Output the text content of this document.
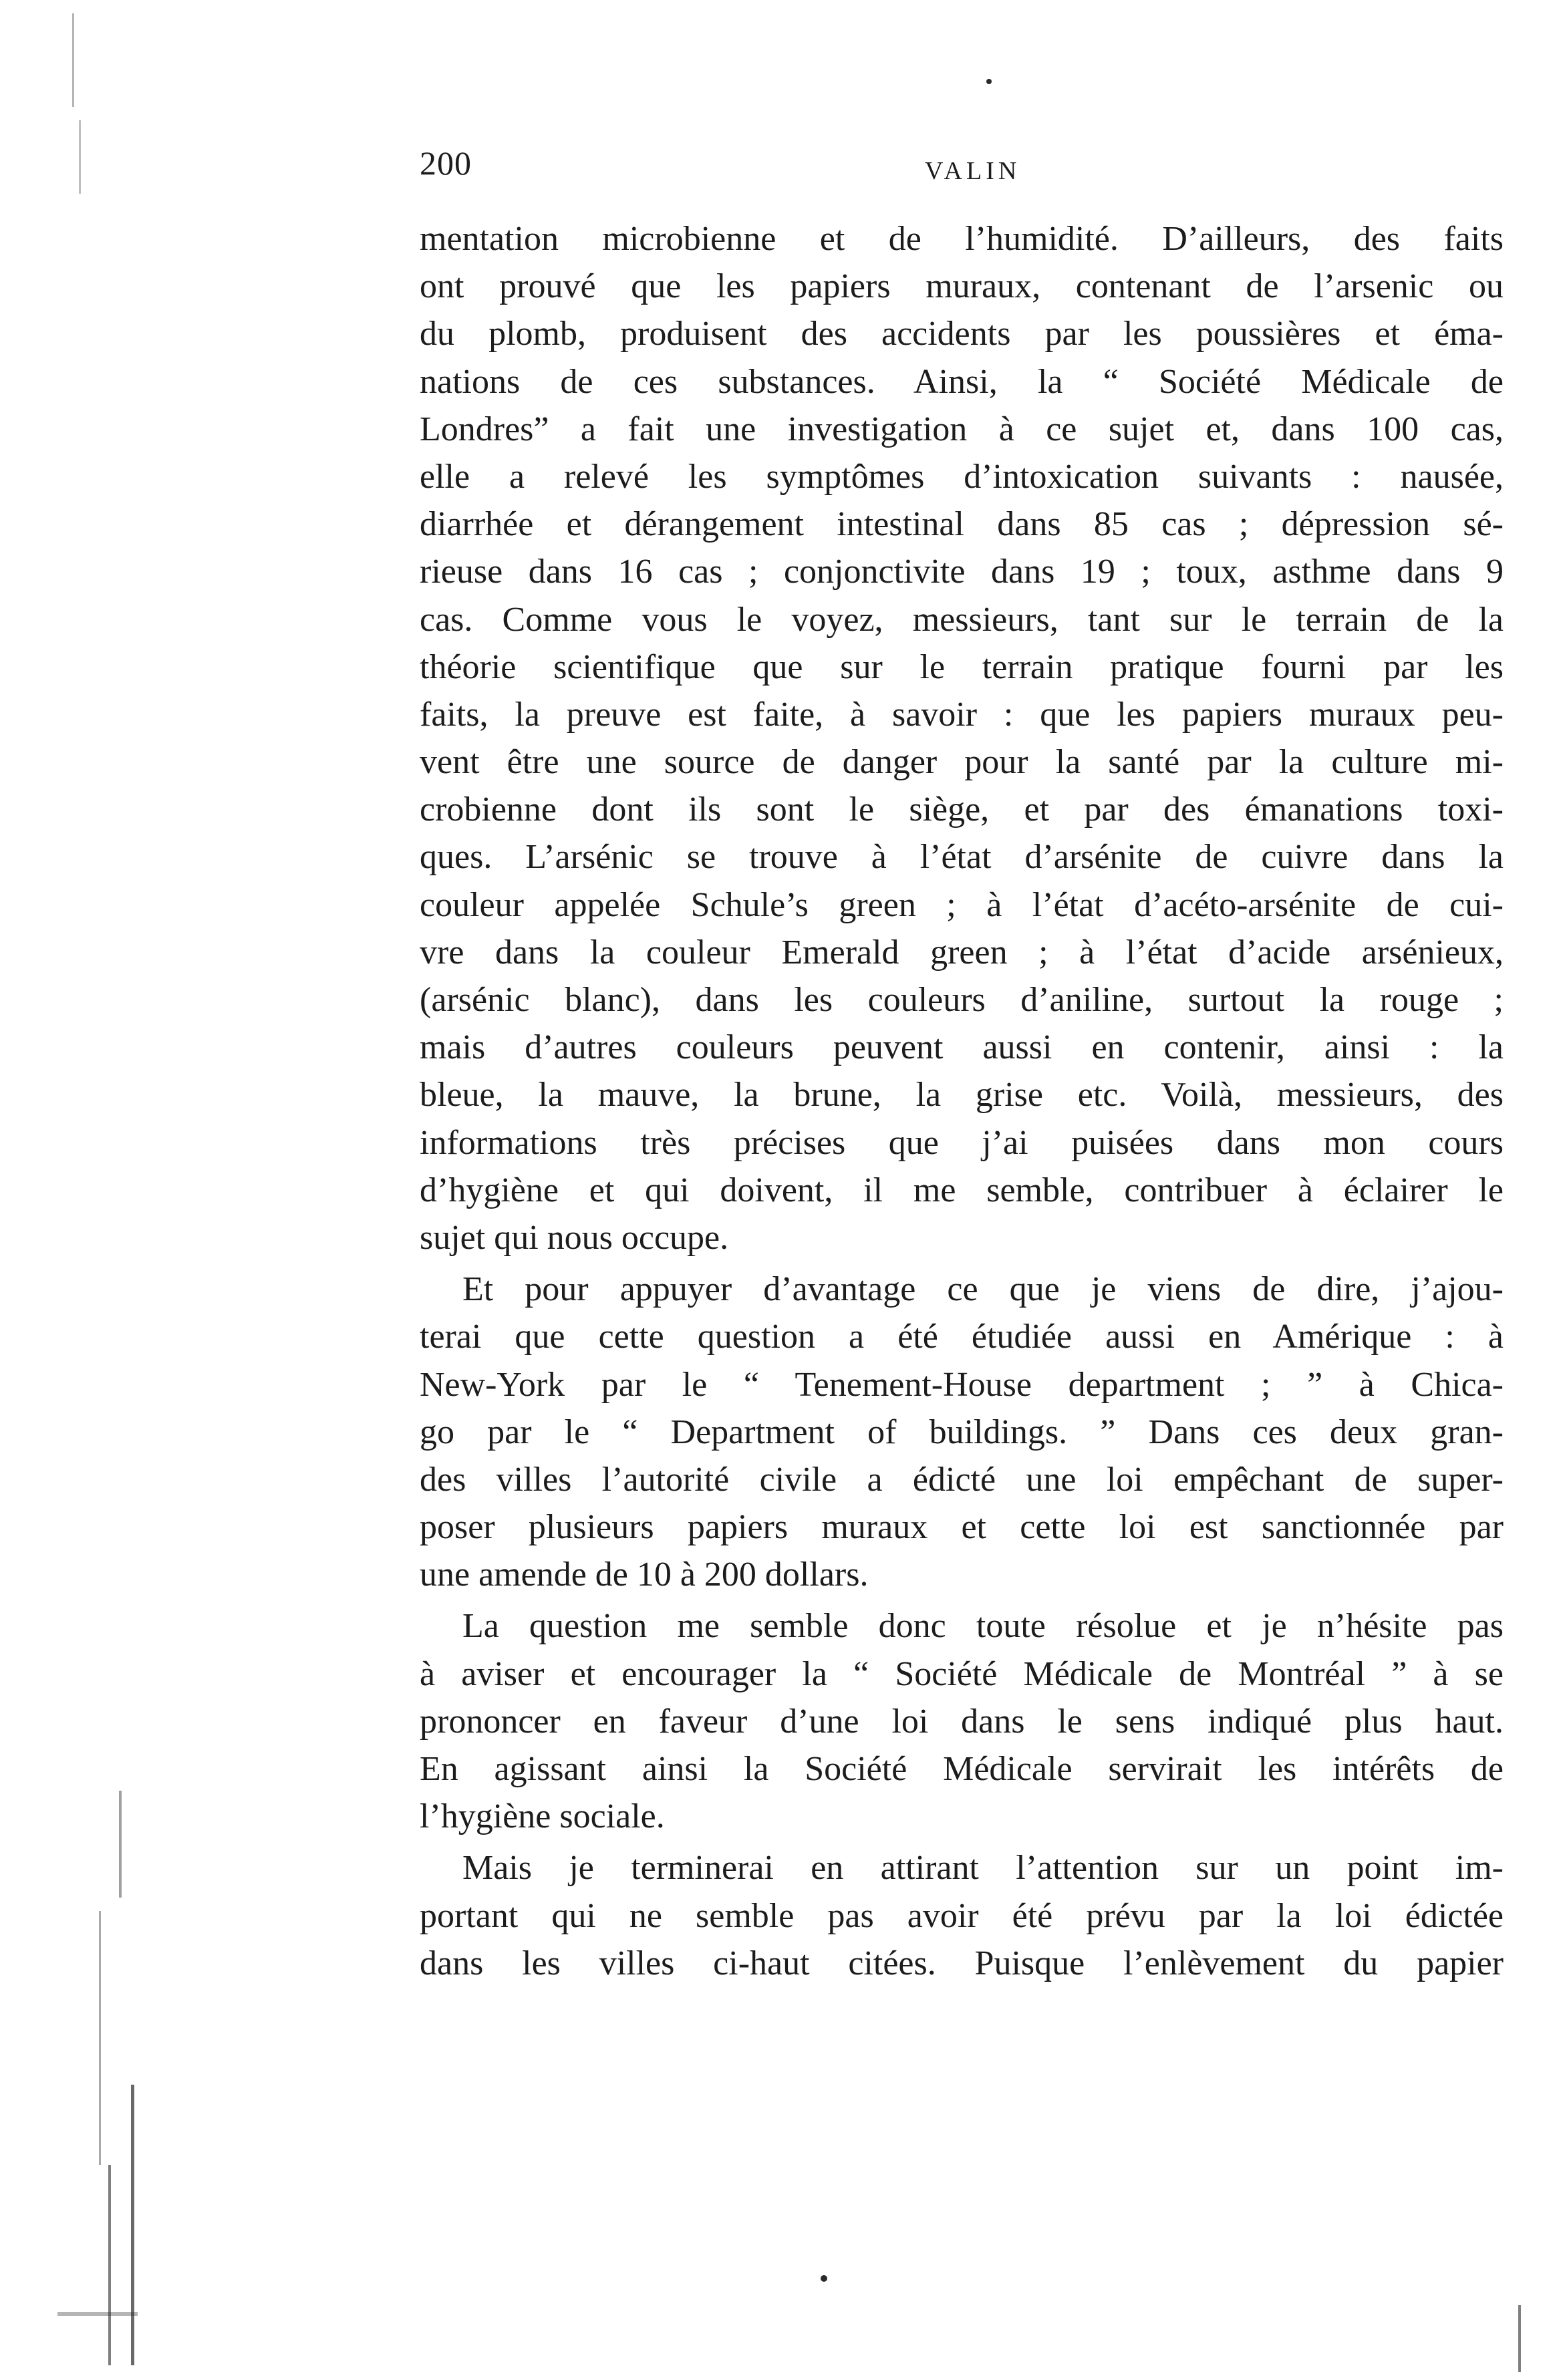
200	VALIN
mentation microbienne et de l’humidité. D’ailleurs, des faits
ont prouvé que les papiers muraux, contenant de l’arsenic ou
du plomb, produisent des accidents par les poussières et éma-
nations de ces substances. Ainsi, la “ Société Médicale de
Londres” a fait une investigation à ce sujet et, dans 100 cas,
elle a relevé les symptômes d’intoxication suivants : nausée,
diarrhée et dérangement intestinal dans 85 cas ; dépression sé-
rieuse dans 16 cas ; conjonctivite dans 19 ; toux, asthme dans 9
cas. Comme vous le voyez, messieurs, tant sur le terrain de la
théorie scientifique que sur le terrain pratique fourni par les
faits, la preuve est faite, à savoir : que les papiers muraux peu-
vent être une source de danger pour la santé par la culture mi-
crobienne dont ils sont le siège, et par des émanations toxi-
ques. L’arsénic se trouve à l’état d’arsénite de cuivre dans la
couleur appelée Schule’s green ; à l’état d’acéto-arsénite de cui-
vre dans la couleur Emerald green ; à l’état d’acide arsénieux,
(arsénic blanc), dans les couleurs d’aniline, surtout la rouge ;
mais d’autres couleurs peuvent aussi en contenir, ainsi : la
bleue, la mauve, la brune, la grise etc. Voilà, messieurs, des
informations très précises que j’ai puisées dans mon cours
d’hygiène et qui doivent, il me semble, contribuer à éclairer le
sujet qui nous occupe.
Et pour appuyer d’avantage ce que je viens de dire, j’ajou-
terai que cette question a été étudiée aussi en Amérique : à
New-York par le “ Tenement-House department ; ” à Chica-
go par le “ Department of buildings. ” Dans ces deux gran-
des villes l’autorité civile a édicté une loi empêchant de super-
poser plusieurs papiers muraux et cette loi est sanctionnée par
une amende de 10 à 200 dollars.
La question me semble donc toute résolue et je n’hésite pas
à aviser et encourager la “ Société Médicale de Montréal ” à se
prononcer en faveur d’une loi dans le sens indiqué plus haut.
En agissant ainsi la Société Médicale servirait les intérêts de
l’hygiène sociale.
Mais je terminerai en attirant l’attention sur un point im-
portant qui ne semble pas avoir été prévu par la loi édictée
dans les villes ci-haut citées. Puisque l’enlèvement du papier
